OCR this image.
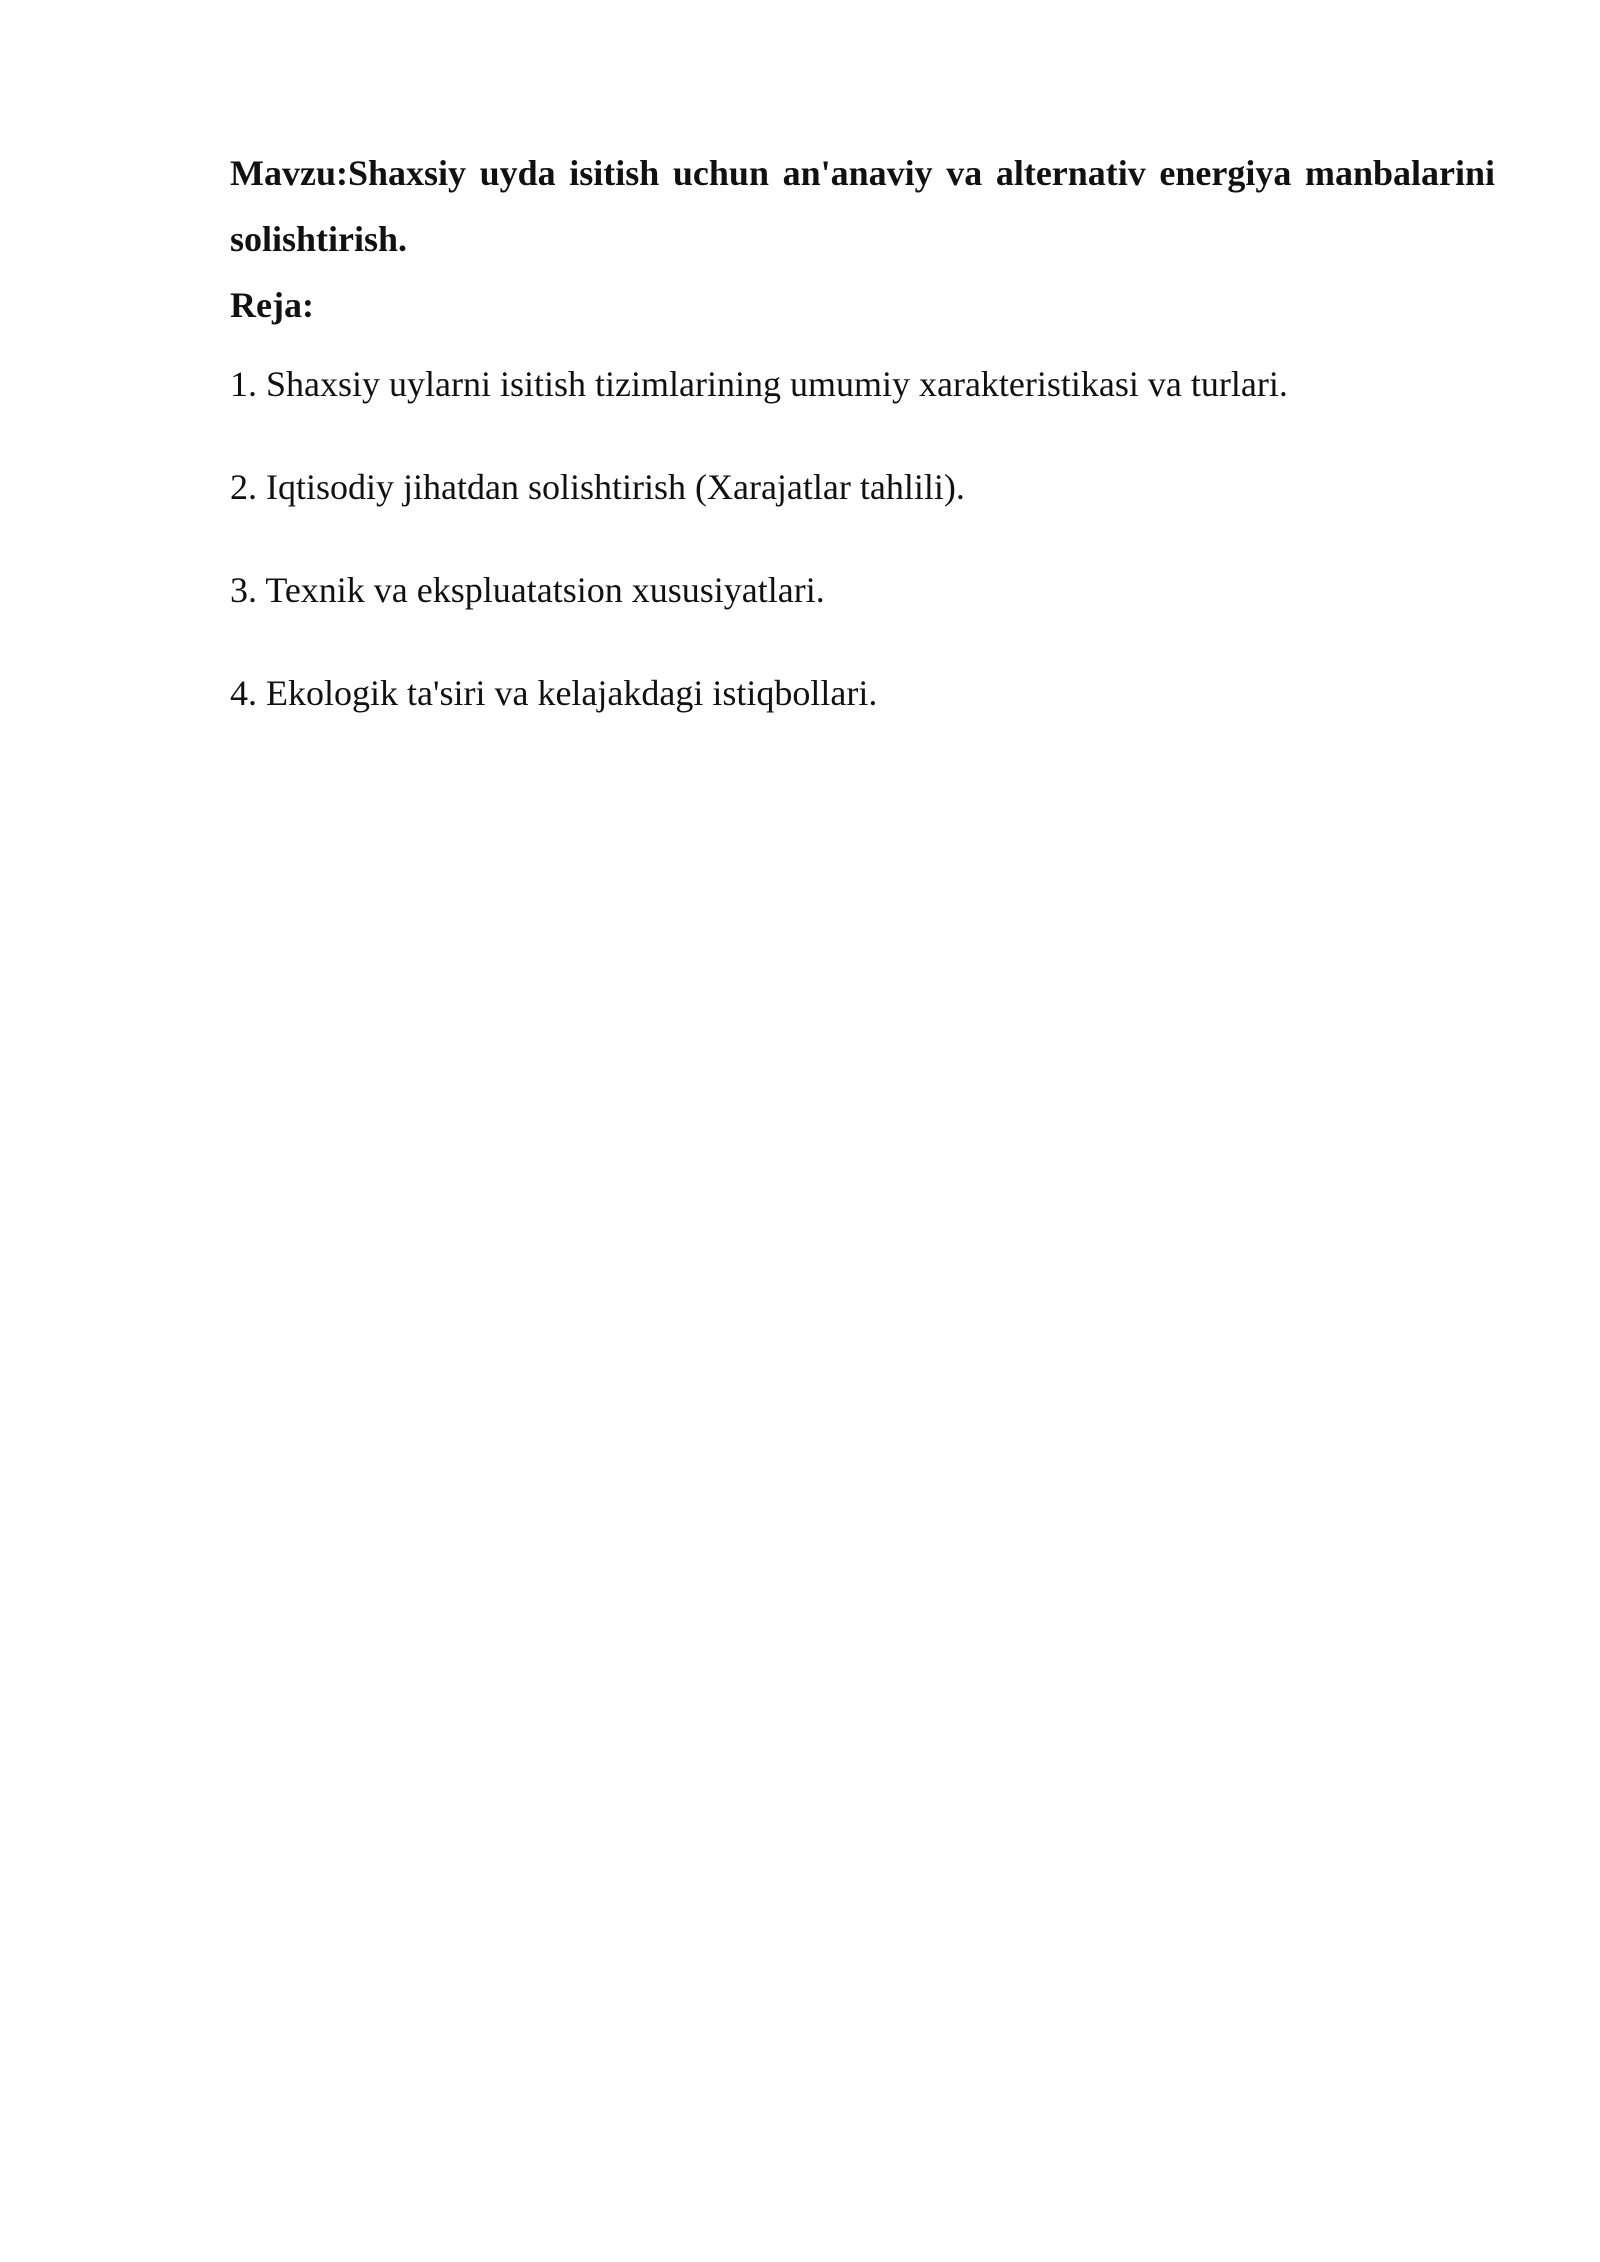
Mavzu:Shaxsiy uyda isitish uchun an'anaviy va alternativ energiya manbalarini solishtirish.

Reja:

1. Shaxsiy uylarni isitish tizimlarining umumiy xarakteristikasi va turlari.
2. Iqtisodiy jihatdan solishtirish (Xarajatlar tahlili).
3. Texnik va ekspluatatsion xususiyatlari.
4. Ekologik ta'siri va kelajakdagi istiqbollari.
